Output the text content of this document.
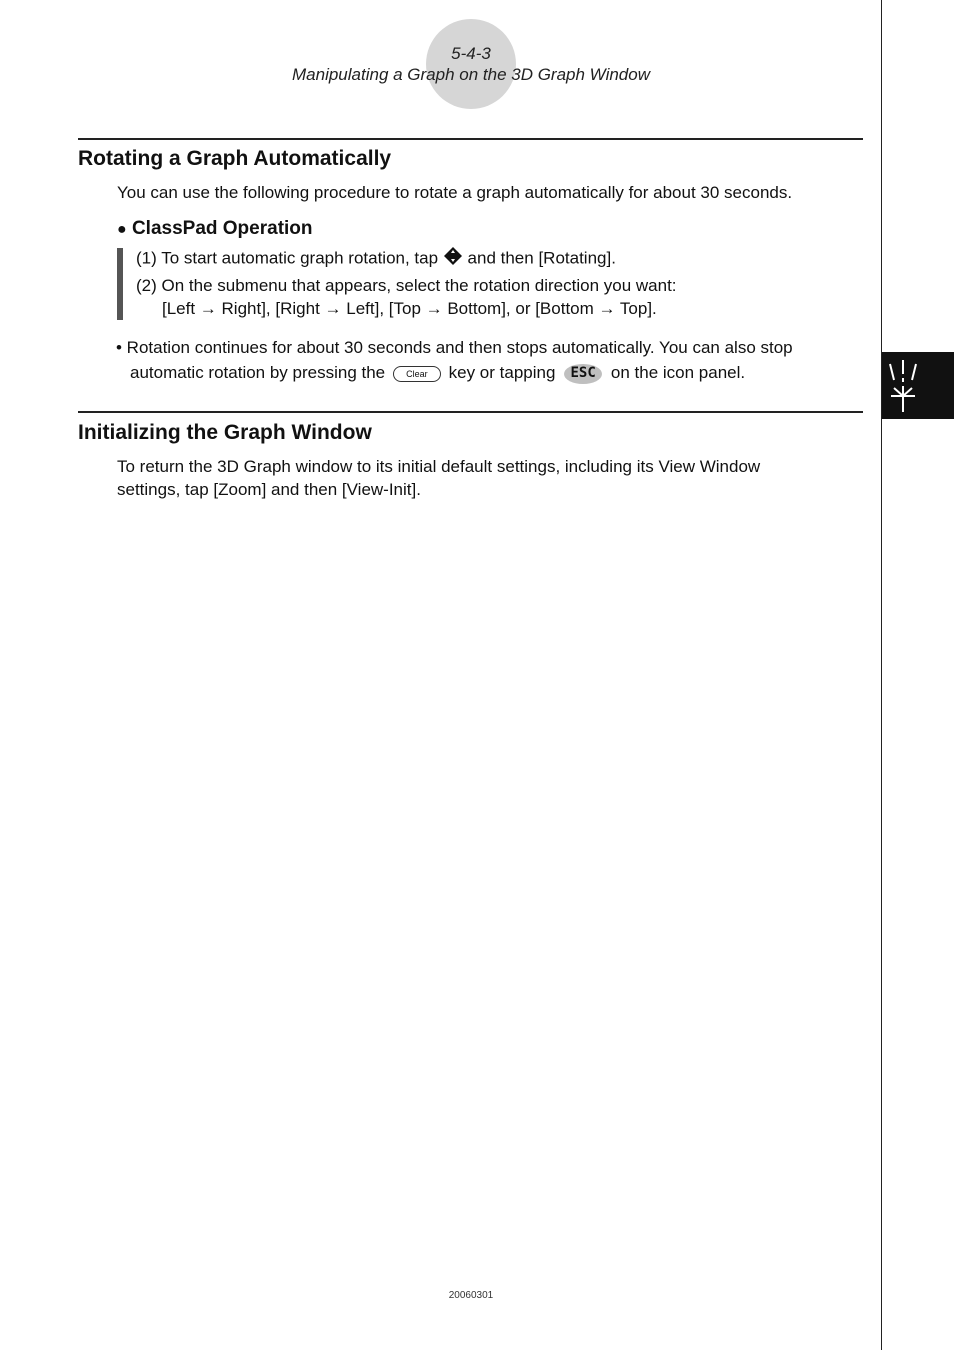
5-4-3
Manipulating a Graph on the 3D Graph Window
Rotating a Graph Automatically
You can use the following procedure to rotate a graph automatically for about 30 seconds.
● ClassPad Operation
(1) To start automatic graph rotation, tap and then [Rotating].
(2) On the submenu that appears, select the rotation direction you want:
[Left → Right], [Right → Left], [Top → Bottom], or [Bottom → Top].
• Rotation continues for about 30 seconds and then stops automatically. You can also stop
automatic rotation by pressing the Clear key or tapping	ESC on the icon panel.
Initializing the Graph Window
To return the 3D Graph window to its initial default settings, including its View Window
settings, tap [Zoom] and then [View-Init].
20060301
